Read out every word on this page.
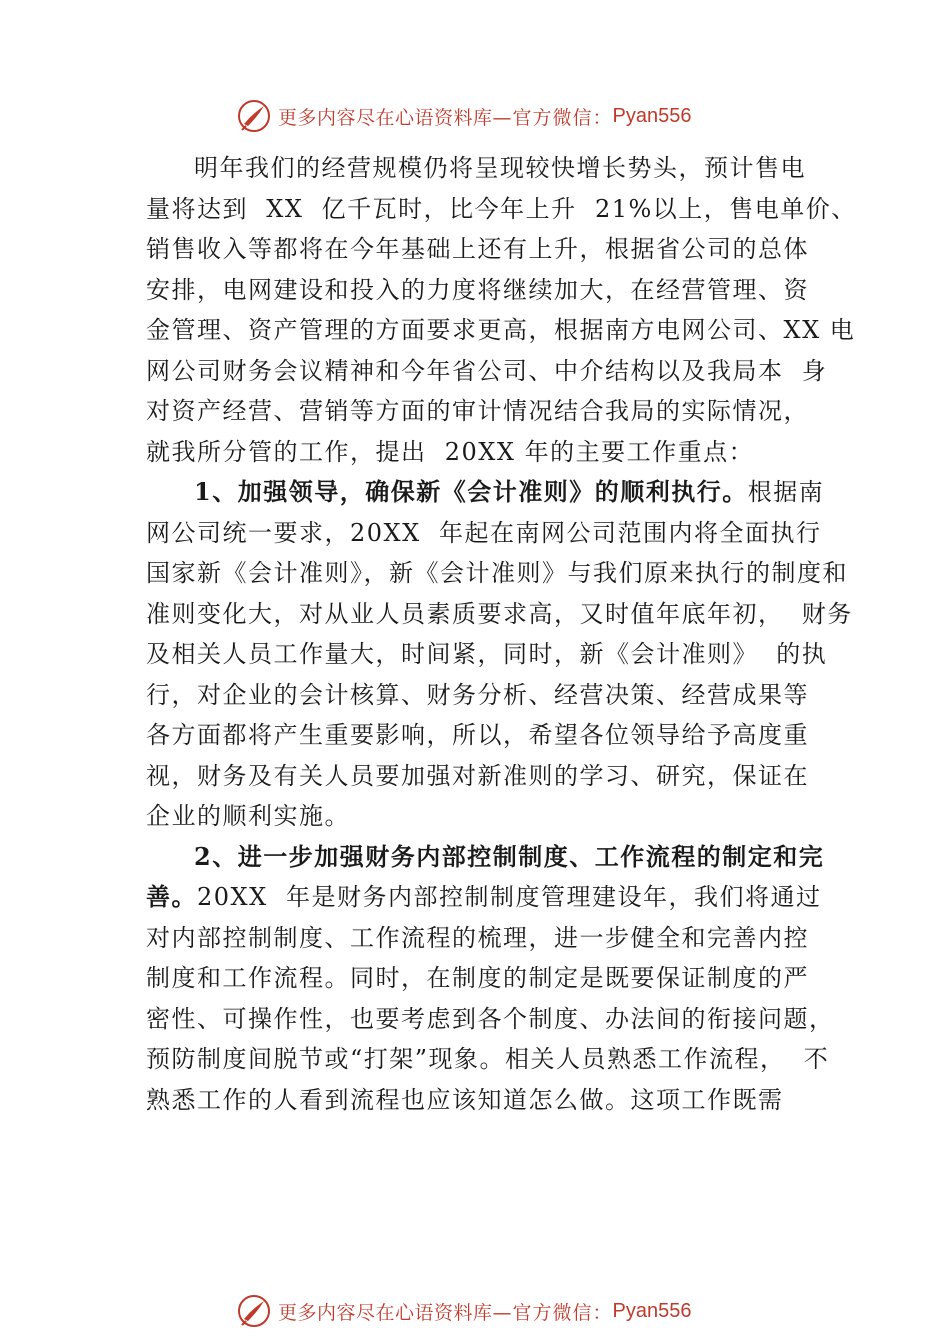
更多内容尽在心语资料库 —官方微信： Pyan556
明年我们的经营规模仍将呈现较快增长势头，预计售电
量将达到  XX  亿千瓦时，比今年上升  21%以上，售电单价、
销售收入等都将在今年基础上还有上升，根据省公司的总体
安排，电网建设和投入的力度将继续加大，在经营管理、资
金管理、资产管理的方面要求更高，根据南方电网公司、XX 电
网公司财务会议精神和今年省公司、中介结构以及我局本  身
对资产经营、营销等方面的审计情况结合我局的实际情况，
就我所分管的工作，提出  20XX 年的主要工作重点：
1、加强领导，确保新《会计准则》的顺利执行。根据南
网公司统一要求，20XX  年起在南网公司范围内将全面执行
国家新《会计准则》，新《会计准则》与我们原来执行的制度和
准则变化大，对从业人员素质要求高，又时值年底年初，  财务
及相关人员工作量大，时间紧，同时，新《会计准则》  的执
行，对企业的会计核算、财务分析、经营决策、经营成果等
各方面都将产生重要影响，所以，希望各位领导给予高度重
视，财务及有关人员要加强对新准则的学习、研究，保证在
企业的顺利实施。
2、进一步加强财务内部控制制度、工作流程的制定和完
善。20XX  年是财务内部控制制度管理建设年，我们将通过
对内部控制制度、工作流程的梳理，进一步健全和完善内控
制度和工作流程。同时，在制度的制定是既要保证制度的严
密性、可操作性，也要考虑到各个制度、办法间的衔接问题，
预防制度间脱节或“打架”现象。相关人员熟悉工作流程，  不
熟悉工作的人看到流程也应该知道怎么做。这项工作既需
更多内容尽在心语资料库 —官方微信： Pyan556
